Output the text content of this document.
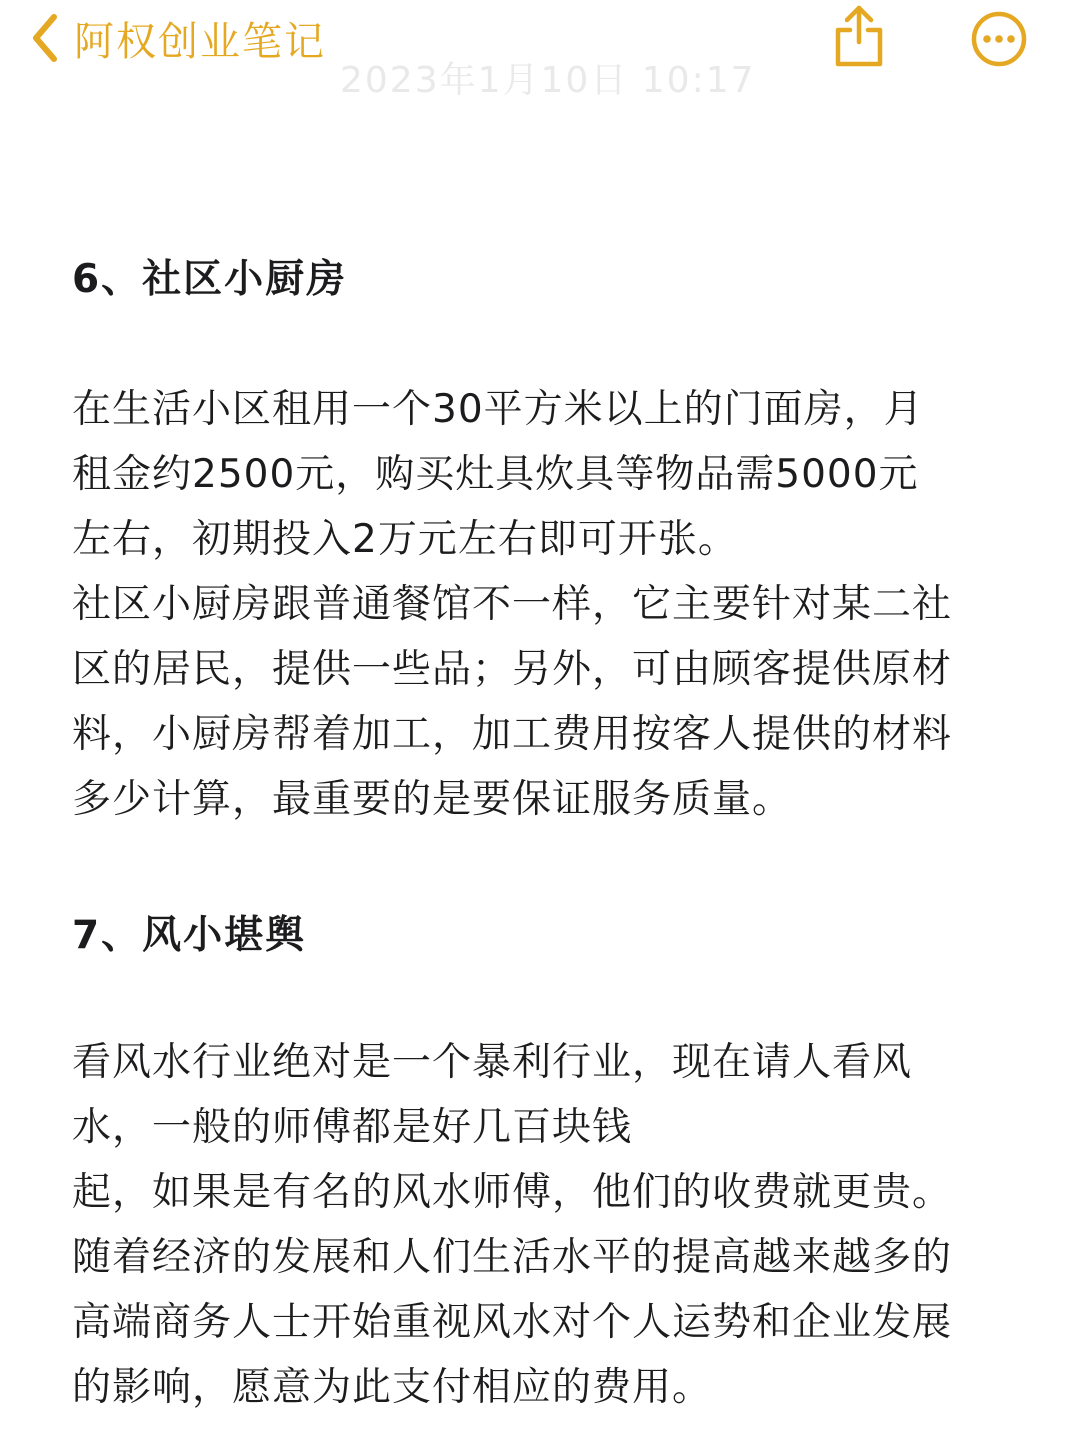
阿权创业笔记
2023年1月10日 10:17
6、社区小厨房
在生活小区租用一个30平方米以上的门面房，月
租金约2500元，购买灶具炊具等物品需5000元
左右，初期投入2万元左右即可开张。
社区小厨房跟普通餐馆不一样，它主要针对某二社
区的居民，提供一些品；另外，可由顾客提供原材
料，小厨房帮着加工，加工费用按客人提供的材料
多少计算，最重要的是要保证服务质量。
7、风小堪舆
看风水行业绝对是一个暴利行业，现在请人看风
水，一般的师傅都是好几百块钱
起，如果是有名的风水师傅，他们的收费就更贵。
随着经济的发展和人们生活水平的提高越来越多的
高端商务人士开始重视风水对个人运势和企业发展
的影响，愿意为此支付相应的费用。
